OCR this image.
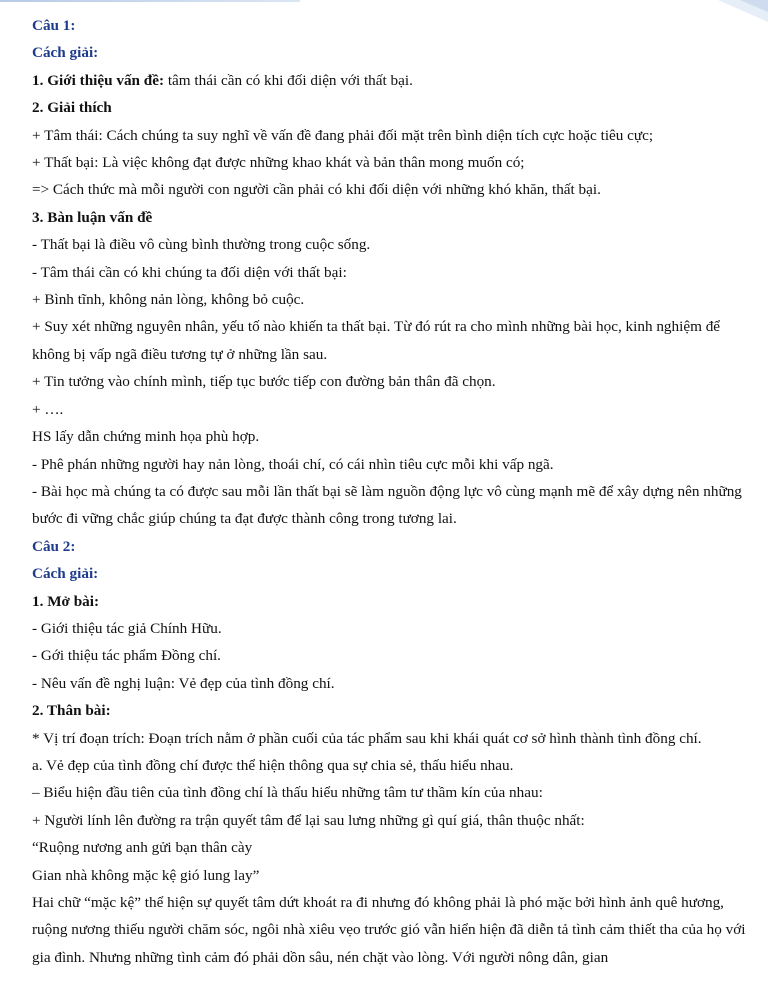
Câu 1:
Cách giải:
1. Giới thiệu vấn đề: tâm thái cần có khi đối diện với thất bại.
2. Giải thích
+ Tâm thái: Cách chúng ta suy nghĩ về vấn đề đang phải đối mặt trên bình diện tích cực hoặc tiêu cực;
+ Thất bại: Là việc không đạt được những khao khát và bản thân mong muốn có;
=> Cách thức mà mỗi người con người cần phải có khi đối diện với những khó khăn, thất bại.
3. Bàn luận vấn đề
- Thất bại là điều vô cùng bình thường trong cuộc sống.
- Tâm thái cần có khi chúng ta đối diện với thất bại:
+ Bình tĩnh, không nản lòng, không bỏ cuộc.
+ Suy xét những nguyên nhân, yếu tố nào khiến ta thất bại. Từ đó rút ra cho mình những bài học, kinh nghiệm để không bị vấp ngã điều tương tự ở những lần sau.
+ Tin tưởng vào chính mình, tiếp tục bước tiếp con đường bản thân đã chọn.
+ ….
HS lấy dẫn chứng minh họa phù hợp.
- Phê phán những người hay nản lòng, thoái chí, có cái nhìn tiêu cực mỗi khi vấp ngã.
- Bài học mà chúng ta có được sau mỗi lần thất bại sẽ làm nguồn động lực vô cùng mạnh mẽ để xây dựng nên những bước đi vững chắc giúp chúng ta đạt được thành công trong tương lai.
Câu 2:
Cách giải:
1. Mở bài:
- Giới thiệu tác giả Chính Hữu.
- Gới thiệu tác phẩm Đồng chí.
- Nêu vấn đề nghị luận: Vẻ đẹp của tình đồng chí.
2. Thân bài:
* Vị trí đoạn trích: Đoạn trích nằm ở phần cuối của tác phẩm sau khi khái quát cơ sở hình thành tình đồng chí.
a. Vẻ đẹp của tình đồng chí được thể hiện thông qua sự chia sẻ, thấu hiểu nhau.
– Biểu hiện đầu tiên của tình đồng chí là thấu hiểu những tâm tư thầm kín của nhau:
+ Người lính lên đường ra trận quyết tâm để lại sau lưng những gì quí giá, thân thuộc nhất:
“Ruộng nương anh gửi bạn thân cày
Gian nhà không mặc kệ gió lung lay”
Hai chữ “mặc kệ” thể hiện sự quyết tâm dứt khoát ra đi nhưng đó không phải là phó mặc bởi hình ảnh quê hương, ruộng nương thiếu người chăm sóc, ngôi nhà xiêu vẹo trước gió vẫn hiển hiện đã diễn tả tình cảm thiết tha của họ với gia đình. Nhưng những tình cảm đó phải dồn sâu, nén chặt vào lòng. Với người nông dân, gian
